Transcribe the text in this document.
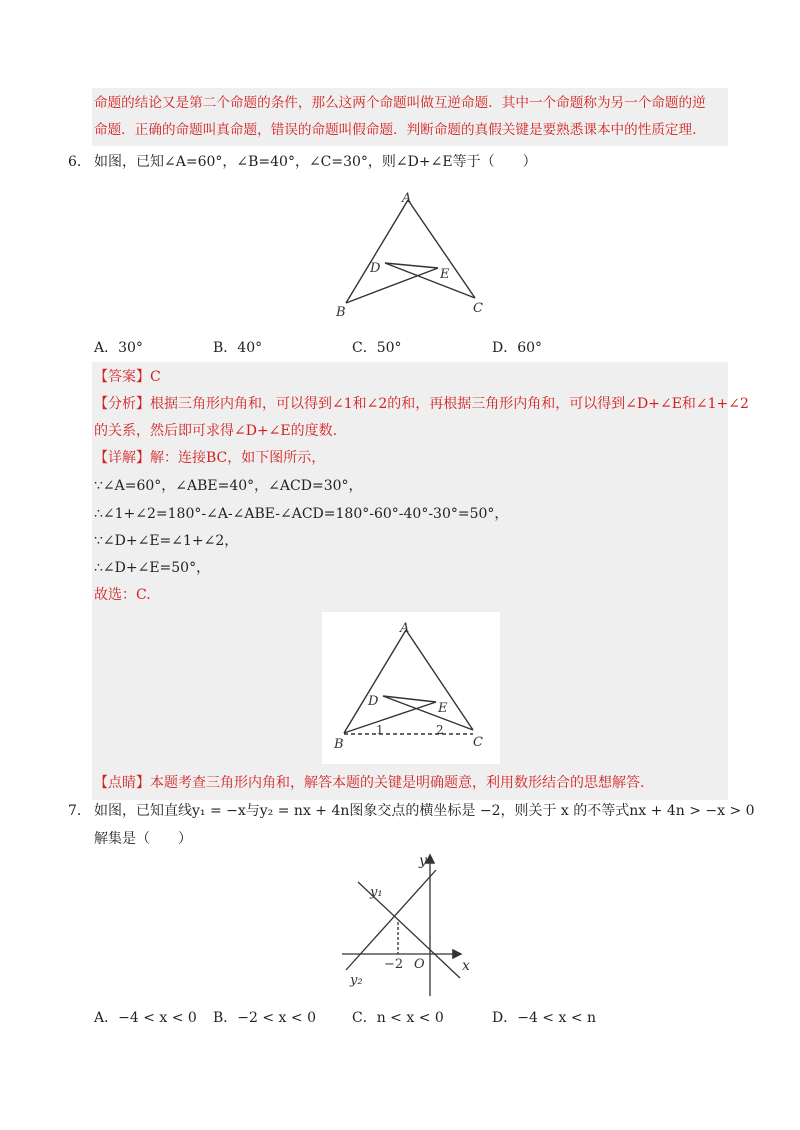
命题的结论又是第二个命题的条件，那么这两个命题叫做互逆命题．其中一个命题称为另一个命题的逆
命题．正确的命题叫真命题，错误的命题叫假命题．判断命题的真假关键是要熟悉课本中的性质定理.
6． 如图，已知∠A=60°，∠B=40°，∠C=30°，则∠D+∠E等于（　　）
A
B	C
D	E
A．30°	B．40°	C．50°	D．60°
【答案】C
【分析】根据三角形内角和，可以得到∠1和∠2的和，再根据三角形内角和，可以得到∠D+∠E和∠1+∠2
的关系，然后即可求得∠D+∠E的度数.
【详解】解：连接BC，如下图所示，
∵∠A=60°，∠ABE=40°，∠ACD=30°，
∴∠1+∠2=180°-∠A-∠ABE-∠ACD=180°-60°-40°-30°=50°，
∵∠D+∠E=∠1+∠2，
∴∠D+∠E=50°，
故选：C.
A
B	C
D	E
1	2
【点睛】本题考查三角形内角和，解答本题的关键是明确题意，利用数形结合的思想解答.
7． 如图，已知直线y₁ = −x与y₂ = nx + 4n图象交点的横坐标是 −2，则关于 x 的不等式nx + 4n > −x > 0
解集是（　　）
y
x
y₁
y₂
−2 O
A．−4 < x < 0 B．−2 < x < 0	C．n < x < 0	D．−4 < x < n
